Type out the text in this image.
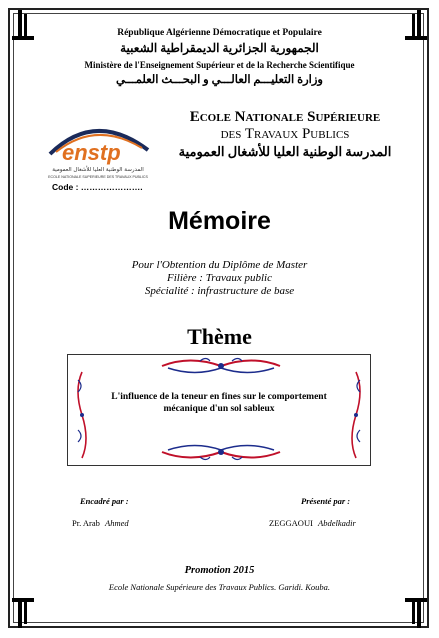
République Algérienne Démocratique et Populaire
الجمهورية الجزائرية الديمقراطية الشعبية
Ministère de l'Enseignement Supérieur et de la Recherche Scientifique
وزارة التعليـــم العالـــي و البحـــث العلمـــي
enstp
المدرسة الوطنية العليا للأشغال العمومية
ECOLE NATIONALE SUPERIEURE DES TRAVAUX PUBLICS
Ecole Nationale Supérieure
des Travaux Publics
المدرسة الوطنية العليا للأشغال العمومية
Code : ………………….
Mémoire
Pour l'Obtention du Diplôme de Master
Filière : Travaux public
Spécialité : infrastructure de base
Thème
L'influence de la teneur en fines sur le comportement
mécanique d'un sol sableux
Encadré par :
Pr. Arab Ahmed
Présenté par :
ZEGGAOUI Abdelkadir
Promotion 2015
Ecole Nationale Supérieure des Travaux Publics. Garidi. Kouba.
